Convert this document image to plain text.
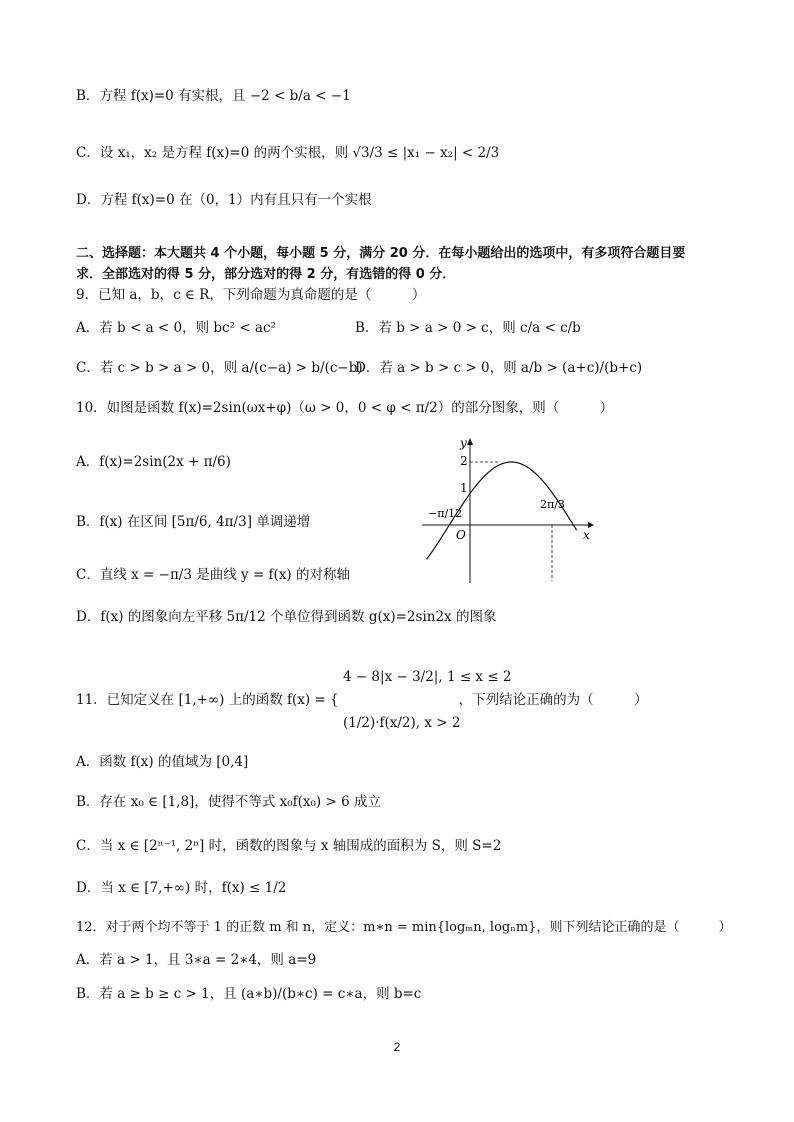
B．方程 f(x)=0 有实根，且 −2 < b/a < −1
C．设 x₁，x₂ 是方程 f(x)=0 的两个实根，则 √3/3 ≤ |x₁ − x₂| < 2/3
D．方程 f(x)=0 在（0，1）内有且只有一个实根
二、选择题：本大题共 4 个小题，每小题 5 分，满分 20 分．在每小题给出的选项中，有多项符合题目要
求．全部选对的得 5 分，部分选对的得 2 分，有选错的得 0 分．
9．已知 a，b，c ∈ R，下列命题为真命题的是（　　　）
A．若 b < a < 0，则 bc² < ac²	B．若 b > a > 0 > c，则 c/a < c/b
C．若 c > b > a > 0，则 a/(c−a) > b/(c−b)
D．若 a > b > c > 0，则 a/b > (a+c)/(b+c)
10．如图是函数 f(x)=2sin(ωx+φ)（ω > 0，0 < φ < π/2）的部分图象，则（　　　）
A．f(x)=2sin(2x + π/6)
B．f(x) 在区间 [5π/6, 4π/3] 单调递增
C．直线 x = −π/3 是曲线 y = f(x) 的对称轴
D．f(x) 的图象向左平移 5π/12 个单位得到函数 g(x)=2sin2x 的图象
y
x
O
2
1
−π/12
2π/3
4 − 8|x − 3/2|, 1 ≤ x ≤ 2
11．已知定义在 [1,+∞) 上的函数 f(x) = {	，下列结论正确的为（　　　）
(1/2)·f(x/2), x > 2
A．函数 f(x) 的值域为 [0,4]
B．存在 x₀ ∈ [1,8]，使得不等式 x₀f(x₀) > 6 成立
C．当 x ∈ [2ⁿ⁻¹, 2ⁿ] 时，函数的图象与 x 轴围成的面积为 S，则 S=2
D．当 x ∈ [7,+∞) 时，f(x) ≤ 1/2
12．对于两个均不等于 1 的正数 m 和 n，定义：m∗n = min{logₘn, logₙm}，则下列结论正确的是（　　　）
A．若 a > 1，且 3∗a = 2∗4，则 a=9
B．若 a ≥ b ≥ c > 1，且 (a∗b)/(b∗c) = c∗a，则 b=c
2
